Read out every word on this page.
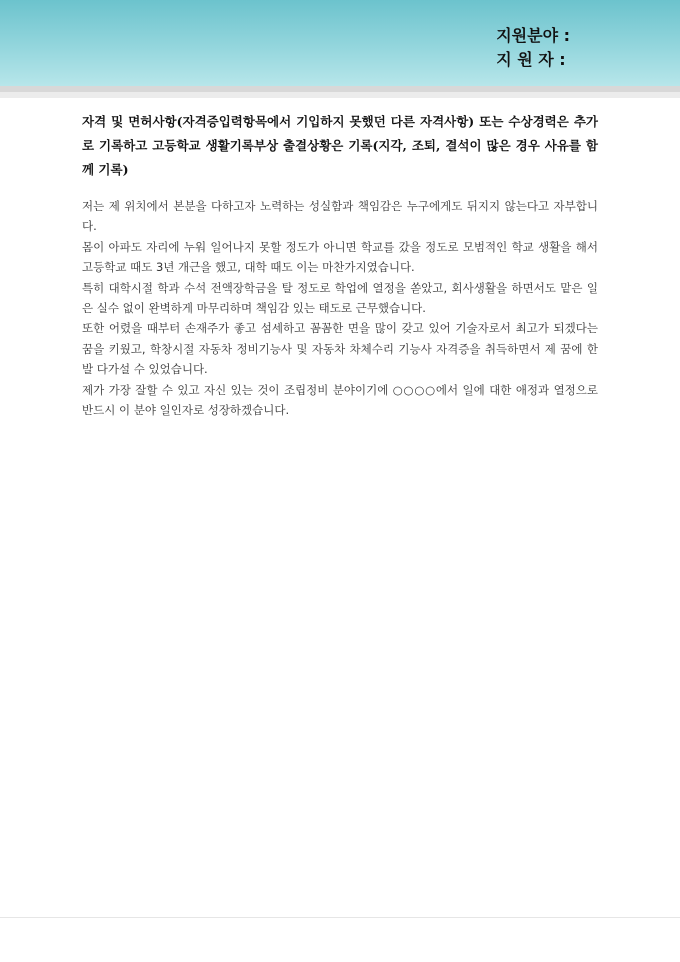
지원분야 :
지 원 자 :
자격 및 면허사항(자격증입력항목에서 기입하지 못했던 다른 자격사항) 또는 수상경력은 추가로 기록하고 고등학교 생활기록부상 출결상황은 기록(지각, 조퇴, 결석이 많은 경우 사유를 함께 기록)

저는 제 위치에서 본분을 다하고자 노력하는 성실함과 책임감은 누구에게도 뒤지지 않는다고 자부합니다.

몸이 아파도 자리에 누워 일어나지 못할 정도가 아니면 학교를 갔을 정도로 모범적인 학교 생활을 해서 고등학교 때도 3년 개근을 했고, 대학 때도 이는 마찬가지였습니다.

특히 대학시절 학과 수석 전액장학금을 탈 정도로 학업에 열정을 쏟았고, 회사생활을 하면서도 맡은 일은 실수 없이 완벽하게 마무리하며 책임감 있는 태도로 근무했습니다.

또한 어렸을 때부터 손재주가 좋고 섬세하고 꼼꼼한 면을 많이 갖고 있어 기술자로서 최고가 되겠다는 꿈을 키웠고, 학창시절 자동차 정비기능사 및 자동차 차체수리 기능사 자격증을 취득하면서 제 꿈에 한 발 다가설 수 있었습니다.

제가 가장 잘할 수 있고 자신 있는 것이 조립정비 분야이기에 ○○○○에서 일에 대한 애정과 열정으로 반드시 이 분야 일인자로 성장하겠습니다.
